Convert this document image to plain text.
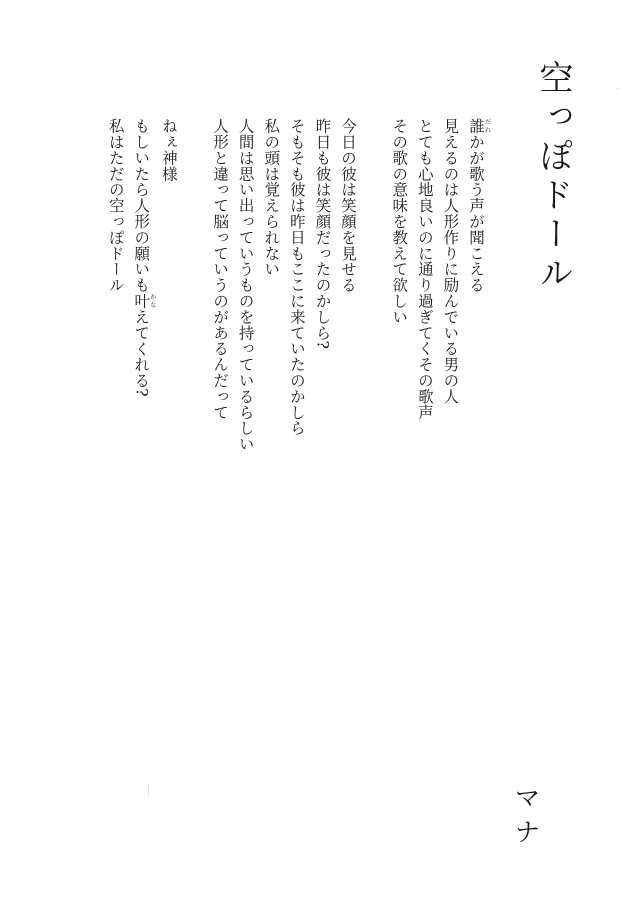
空っぽドール
誰だれかが歌う声が聞こえる
見えるのは人形作りに励んでいる男の人
とても心地良いのに通り過ぎてくその歌声
その歌の意味を教えて欲しい
今日の彼は笑顔を見せる
昨日も彼は笑顔だったのかしら?
そもそも彼は昨日もここに来ていたのかしら
私の頭は覚えられない
人間は思い出っていうものを持っているらしい
人形と違って脳っていうのがあるんだって
ねぇ神様
もしいたら人形の願いも叶かなえてくれる?
私はただの空っぽドール
マナ
